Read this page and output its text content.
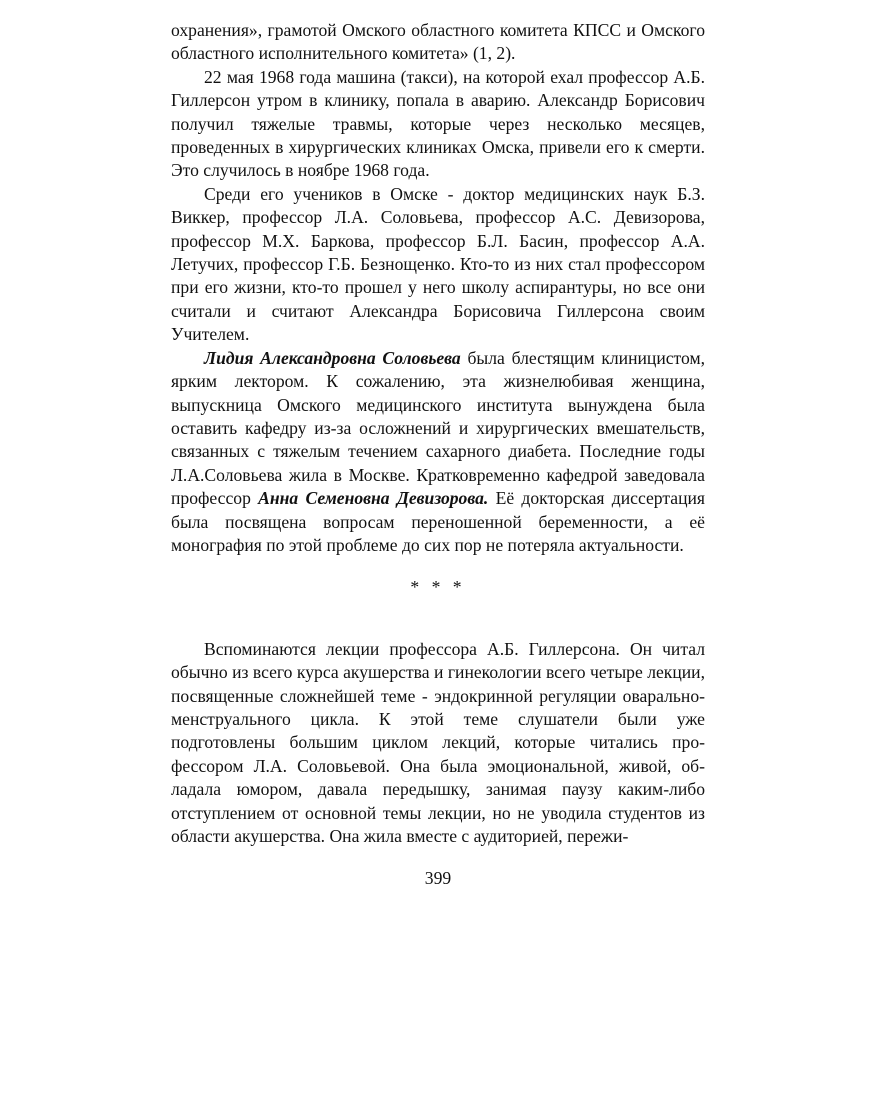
охранения», грамотой Омского областного комитета КПСС и Омского областного исполнительного комитета» (1, 2).

22 мая 1968 года машина (такси), на которой ехал профессор А.Б. Гиллерсон утром в клинику, попала в аварию. Александр Борисович получил тяжелые травмы, которые через несколько месяцев, проведенных в хирургических клиниках Омска, привели его к смерти. Это случилось в ноябре 1968 года.

Среди его учеников в Омске - доктор медицинских наук Б.З. Виккер, профессор Л.А. Соловьева, профессор А.С. Девизорова, профессор М.Х. Баркова, профессор Б.Л. Басин, профессор А.А. Летучих, профессор Г.Б. Безнощенко. Кто-то из них стал профессором при его жизни, кто-то прошел у него школу аспирантуры, но все они считали и считают Александра Борисовича Гиллерсона своим Учителем.

Лидия Александровна Соловьева была блестящим клиницистом, ярким лектором. К сожалению, эта жизнелюбивая женщина, выпускница Омского медицинского института вынуждена была оставить кафедру из-за осложнений и хирургических вмешательств, связанных с тяжелым течением сахарного диабета. Последние годы Л.А.Соловьева жила в Москве. Кратковременно кафедрой заведовала профессор Анна Семеновна Девизорова. Её докторская диссертация была посвящена вопросам переношенной беременности, а её монография по этой проблеме до сих пор не потеряла актуальности.

* * *

Вспоминаются лекции профессора А.Б. Гиллерсона. Он читал обычно из всего курса акушерства и гинекологии всего четыре лекции, посвященные сложнейшей теме - эндокринной регуляции оварально-менструального цикла. К этой теме слушатели были уже подготовлены большим циклом лекций, которые читались профессором Л.А. Соловьевой. Она была эмоциональной, живой, обладала юмором, давала передышку, занимая паузу каким-либо отступлением от основной темы лекции, но не уводила студентов из области акушерства. Она жила вместе с аудиторией, пережи-

399
